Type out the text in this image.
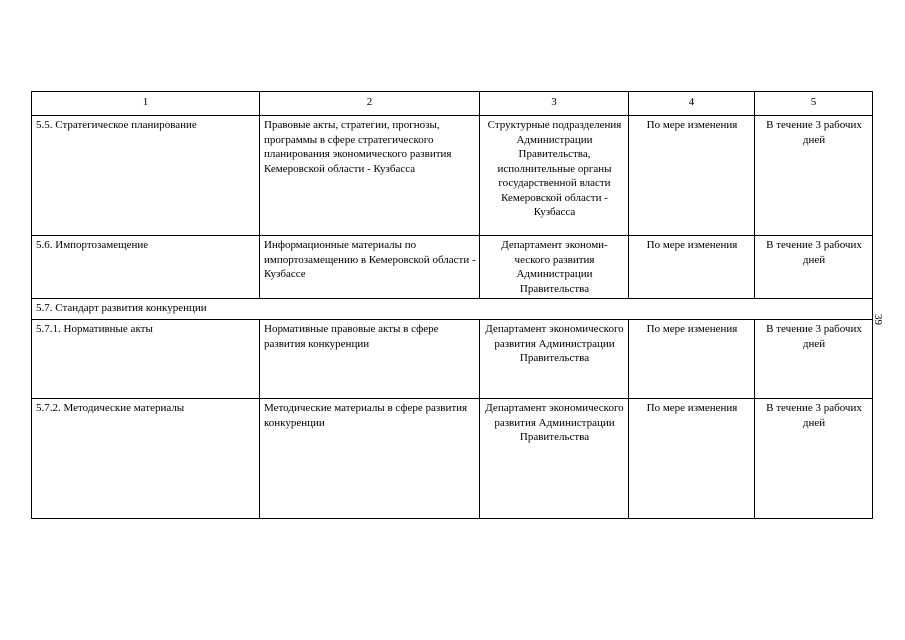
1	2	3	4	5
5.5. Стратегическое планирование	Правовые акты, стратегии, прогнозы, программы в сфере стратегического планирования экономического развития Кемеровской области - Кузбасса	Структурные подразделения Администрации Правительства, исполнительные органы государственной власти Кемеровской области - Кузбасса	По мере изменения	В течение 3 рабочих дней
5.6. Импортозамещение	Информационные материалы по импортозамещению в Кемеровской области - Кузбассе	Департамент экономи-ческого развития Администрации Правительства	По мере изменения	В течение 3 рабочих дней
5.7. Стандарт развития конкуренции				
5.7.1. Нормативные акты	Нормативные правовые акты в сфере развития конкуренции	Департамент экономического развития Администрации Правительства	По мере изменения	В течение 3 рабочих дней
5.7.2. Методические материалы	Методические материалы в сфере развития конкуренции	Департамент экономического развития Администрации Правительства	По мере изменения	В течение 3 рабочих дней
39
